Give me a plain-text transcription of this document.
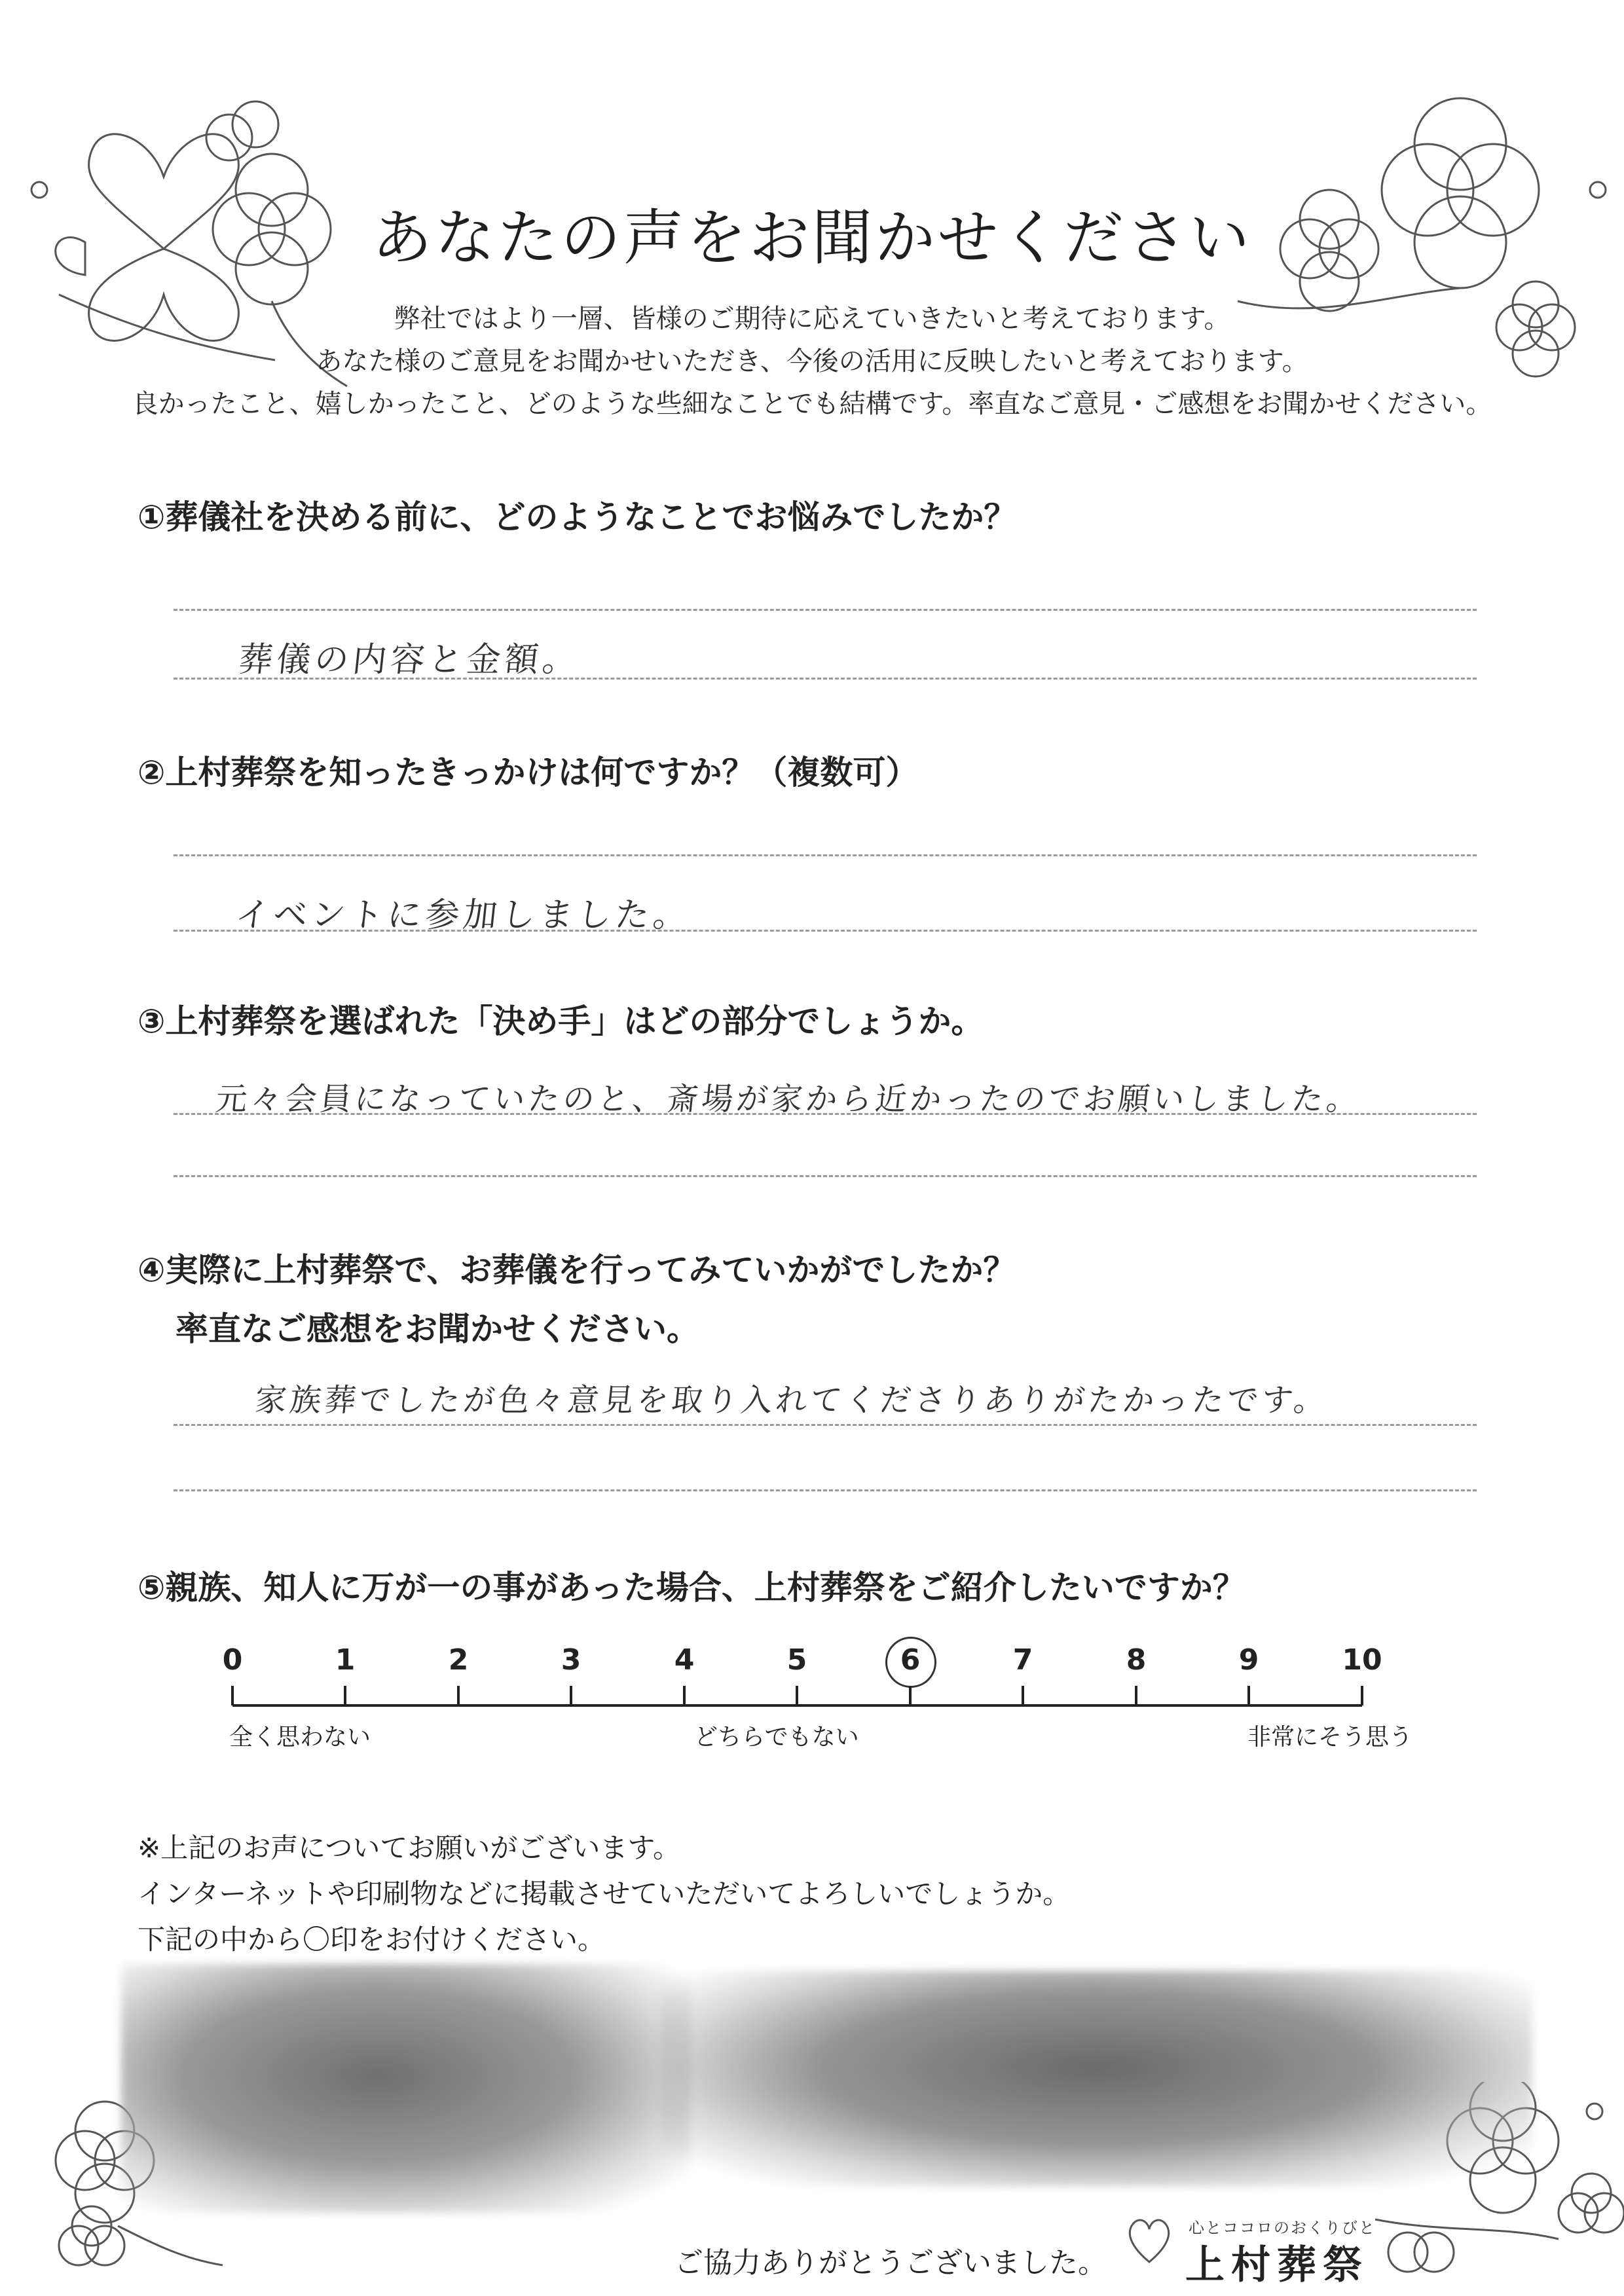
あなたの声をお聞かせください
弊社ではより一層、皆様のご期待に応えていきたいと考えております。
あなた様のご意見をお聞かせいただき、今後の活用に反映したいと考えております。
良かったこと、嬉しかったこと、どのような些細なことでも結構です。率直なご意見・ご感想をお聞かせください。
①葬儀社を決める前に、どのようなことでお悩みでしたか？
葬儀の内容と金額。
②上村葬祭を知ったきっかけは何ですか？（複数可）
イベントに参加しました。
③上村葬祭を選ばれた「決め手」はどの部分でしょうか。
元々会員になっていたのと、斎場が家から近かったのでお願いしました。
④実際に上村葬祭で、お葬儀を行ってみていかがでしたか？
率直なご感想をお聞かせください。
家族葬でしたが色々意見を取り入れてくださりありがたかったです。
⑤親族、知人に万が一の事があった場合、上村葬祭をご紹介したいですか？
0	1	2	3	4	5	6	7	8	9	10
全く思わない	どちらでもない	非常にそう思う
※上記のお声についてお願いがございます。
インターネットや印刷物などに掲載させていただいてよろしいでしょうか。
下記の中から〇印をお付けください。
ご協力ありがとうございました。
心とココロのおくりびと
上村葬祭
